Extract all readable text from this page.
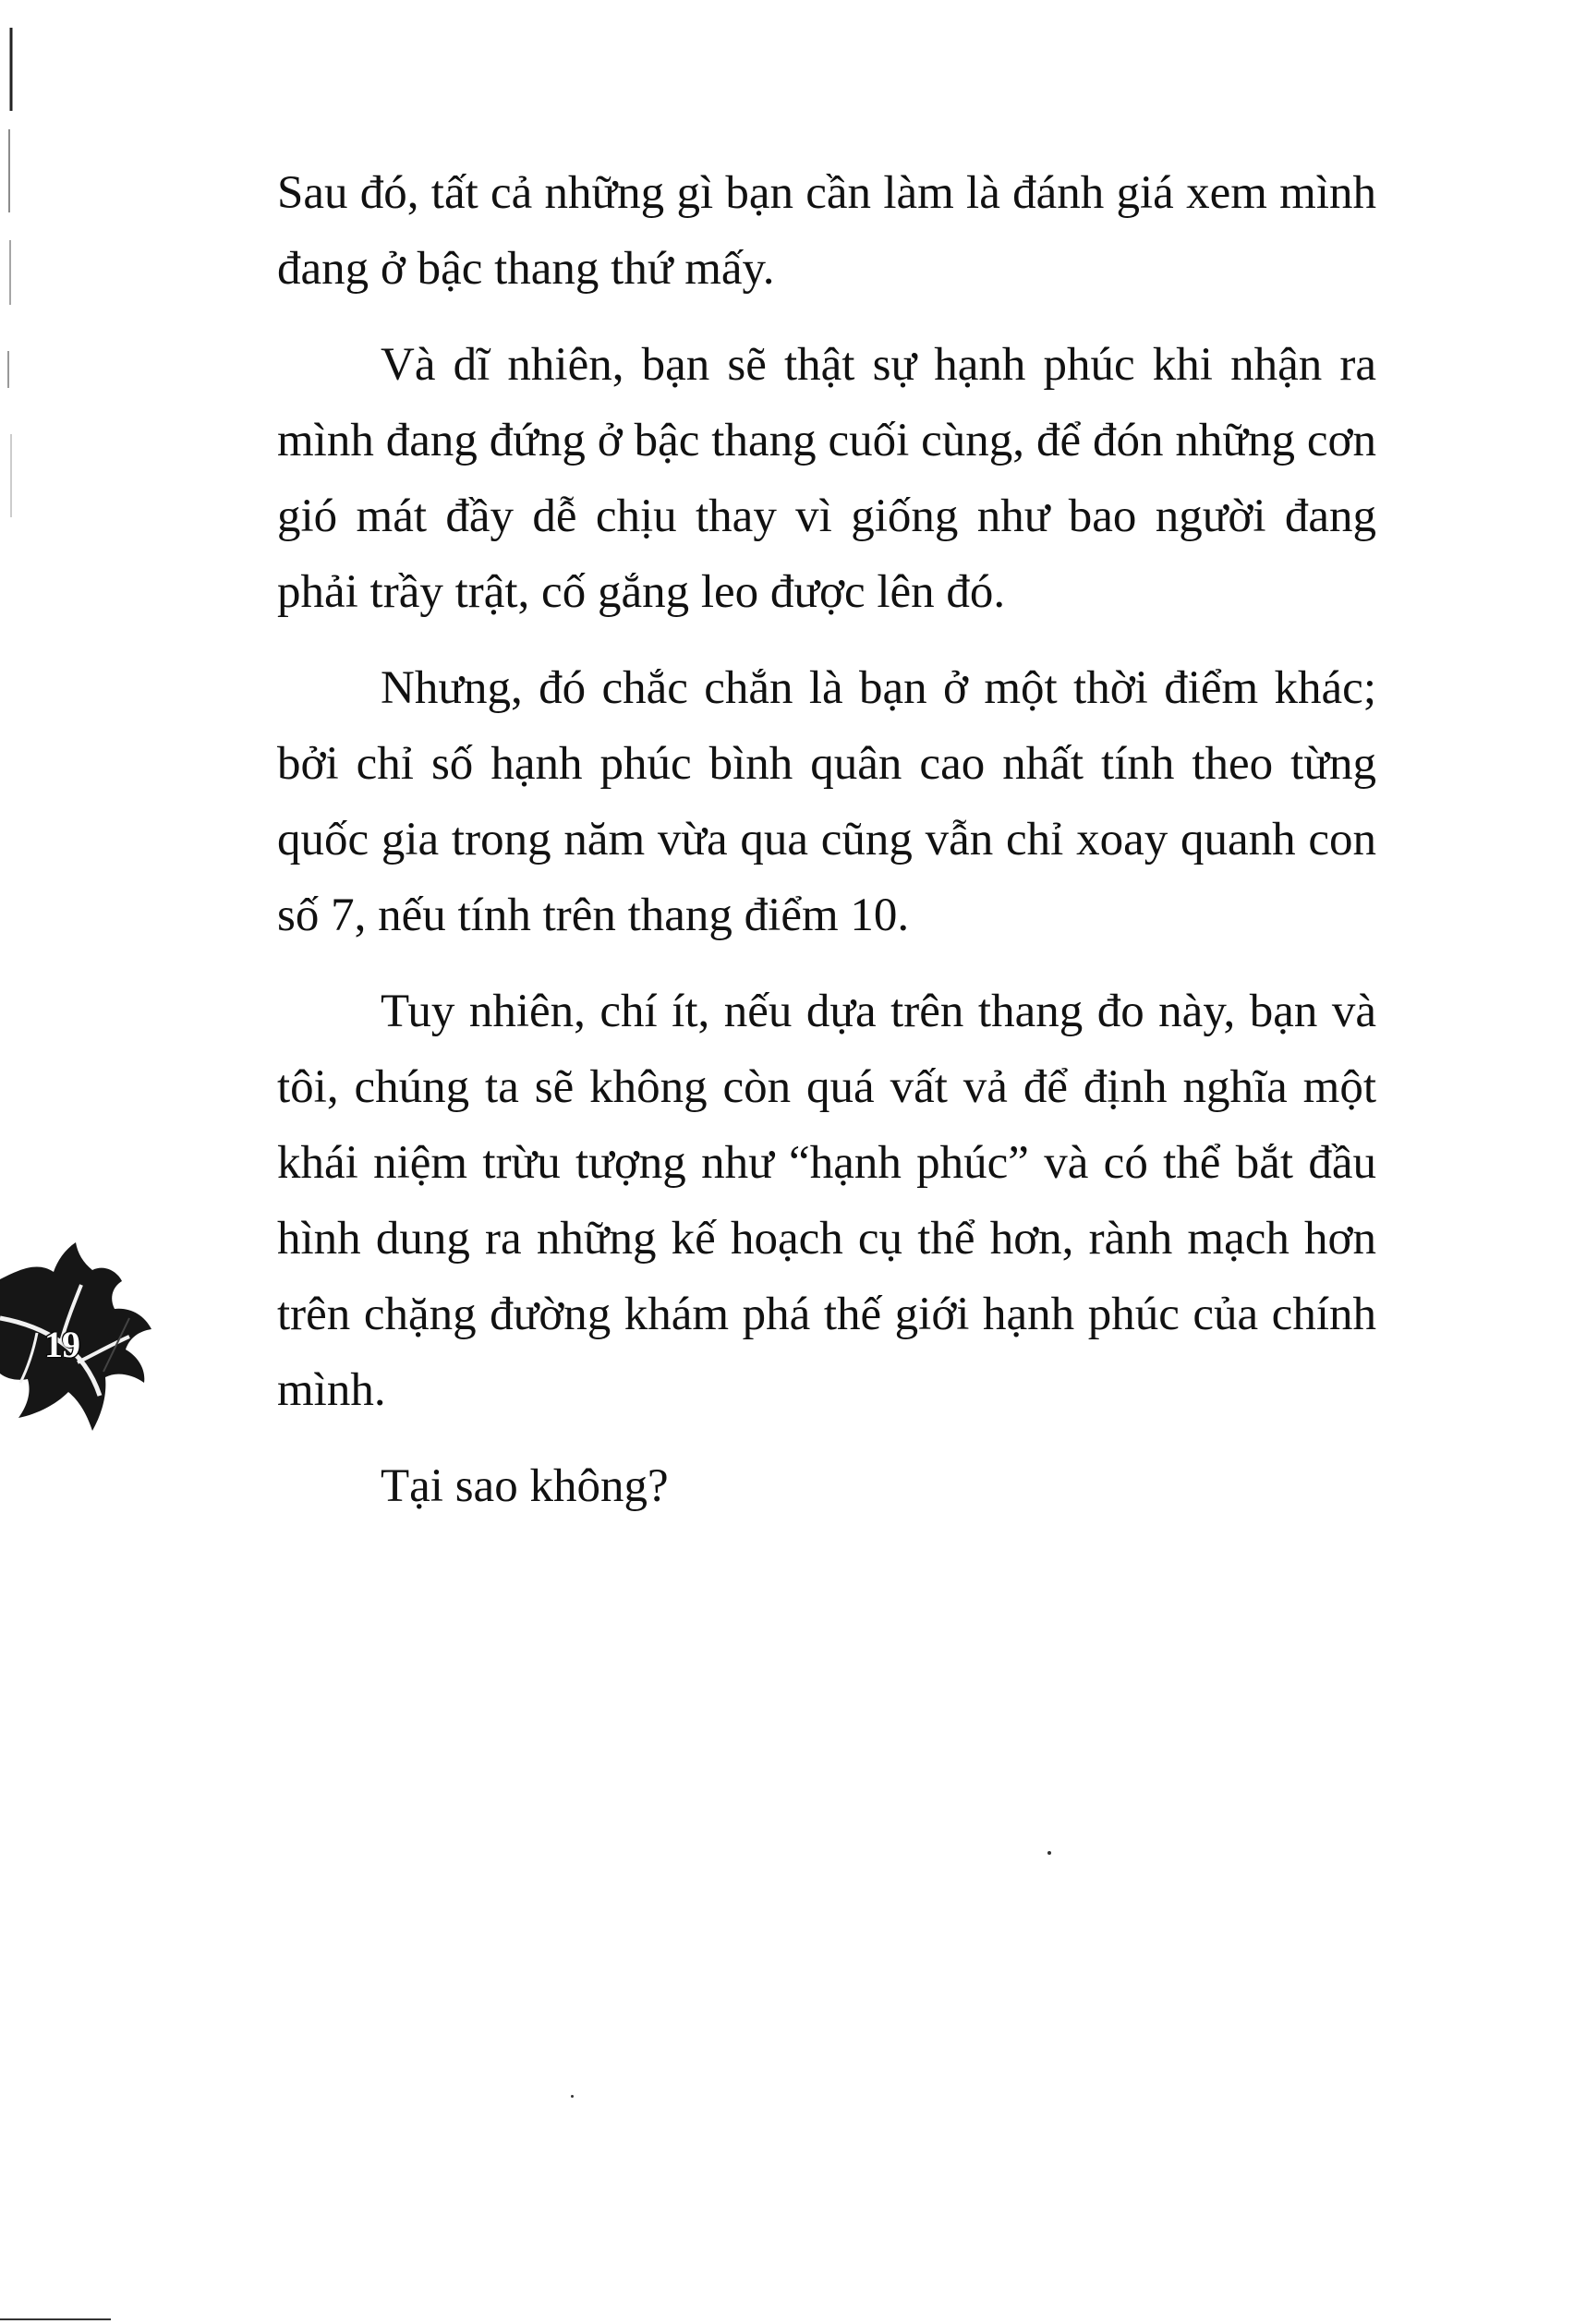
Sau đó, tất cả những gì bạn cần làm là đánh giá xem mình đang ở bậc thang thứ mấy.

Và dĩ nhiên, bạn sẽ thật sự hạnh phúc khi nhận ra mình đang đứng ở bậc thang cuối cùng, để đón những cơn gió mát đầy dễ chịu thay vì giống như bao người đang phải trầy trật, cố gắng leo được lên đó.

Nhưng, đó chắc chắn là bạn ở một thời điểm khác; bởi chỉ số hạnh phúc bình quân cao nhất tính theo từng quốc gia trong năm vừa qua cũng vẫn chỉ xoay quanh con số 7, nếu tính trên thang điểm 10.

Tuy nhiên, chí ít, nếu dựa trên thang đo này, bạn và tôi, chúng ta sẽ không còn quá vất vả để định nghĩa một khái niệm trừu tượng như “hạnh phúc” và có thể bắt đầu hình dung ra những kế hoạch cụ thể hơn, rành mạch hơn trên chặng đường khám phá thế giới hạnh phúc của chính mình.

Tại sao không?

19
